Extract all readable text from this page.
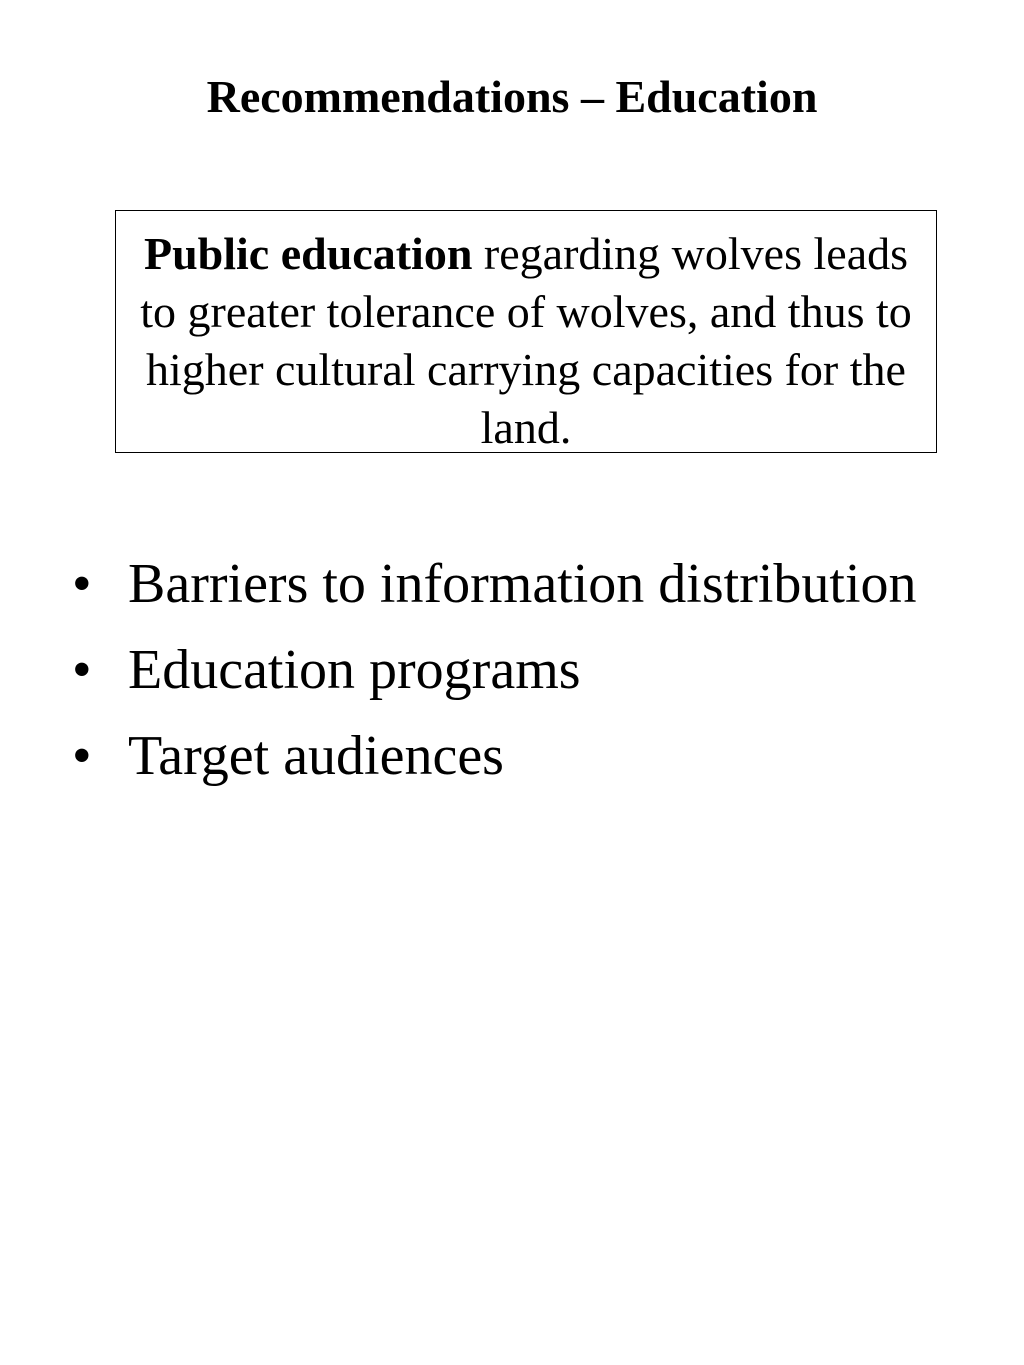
Recommendations – Education
Public education regarding wolves leads to greater tolerance of wolves, and thus to higher cultural carrying capacities for the land.
• Barriers to information distribution
• Education programs
• Target audiences
